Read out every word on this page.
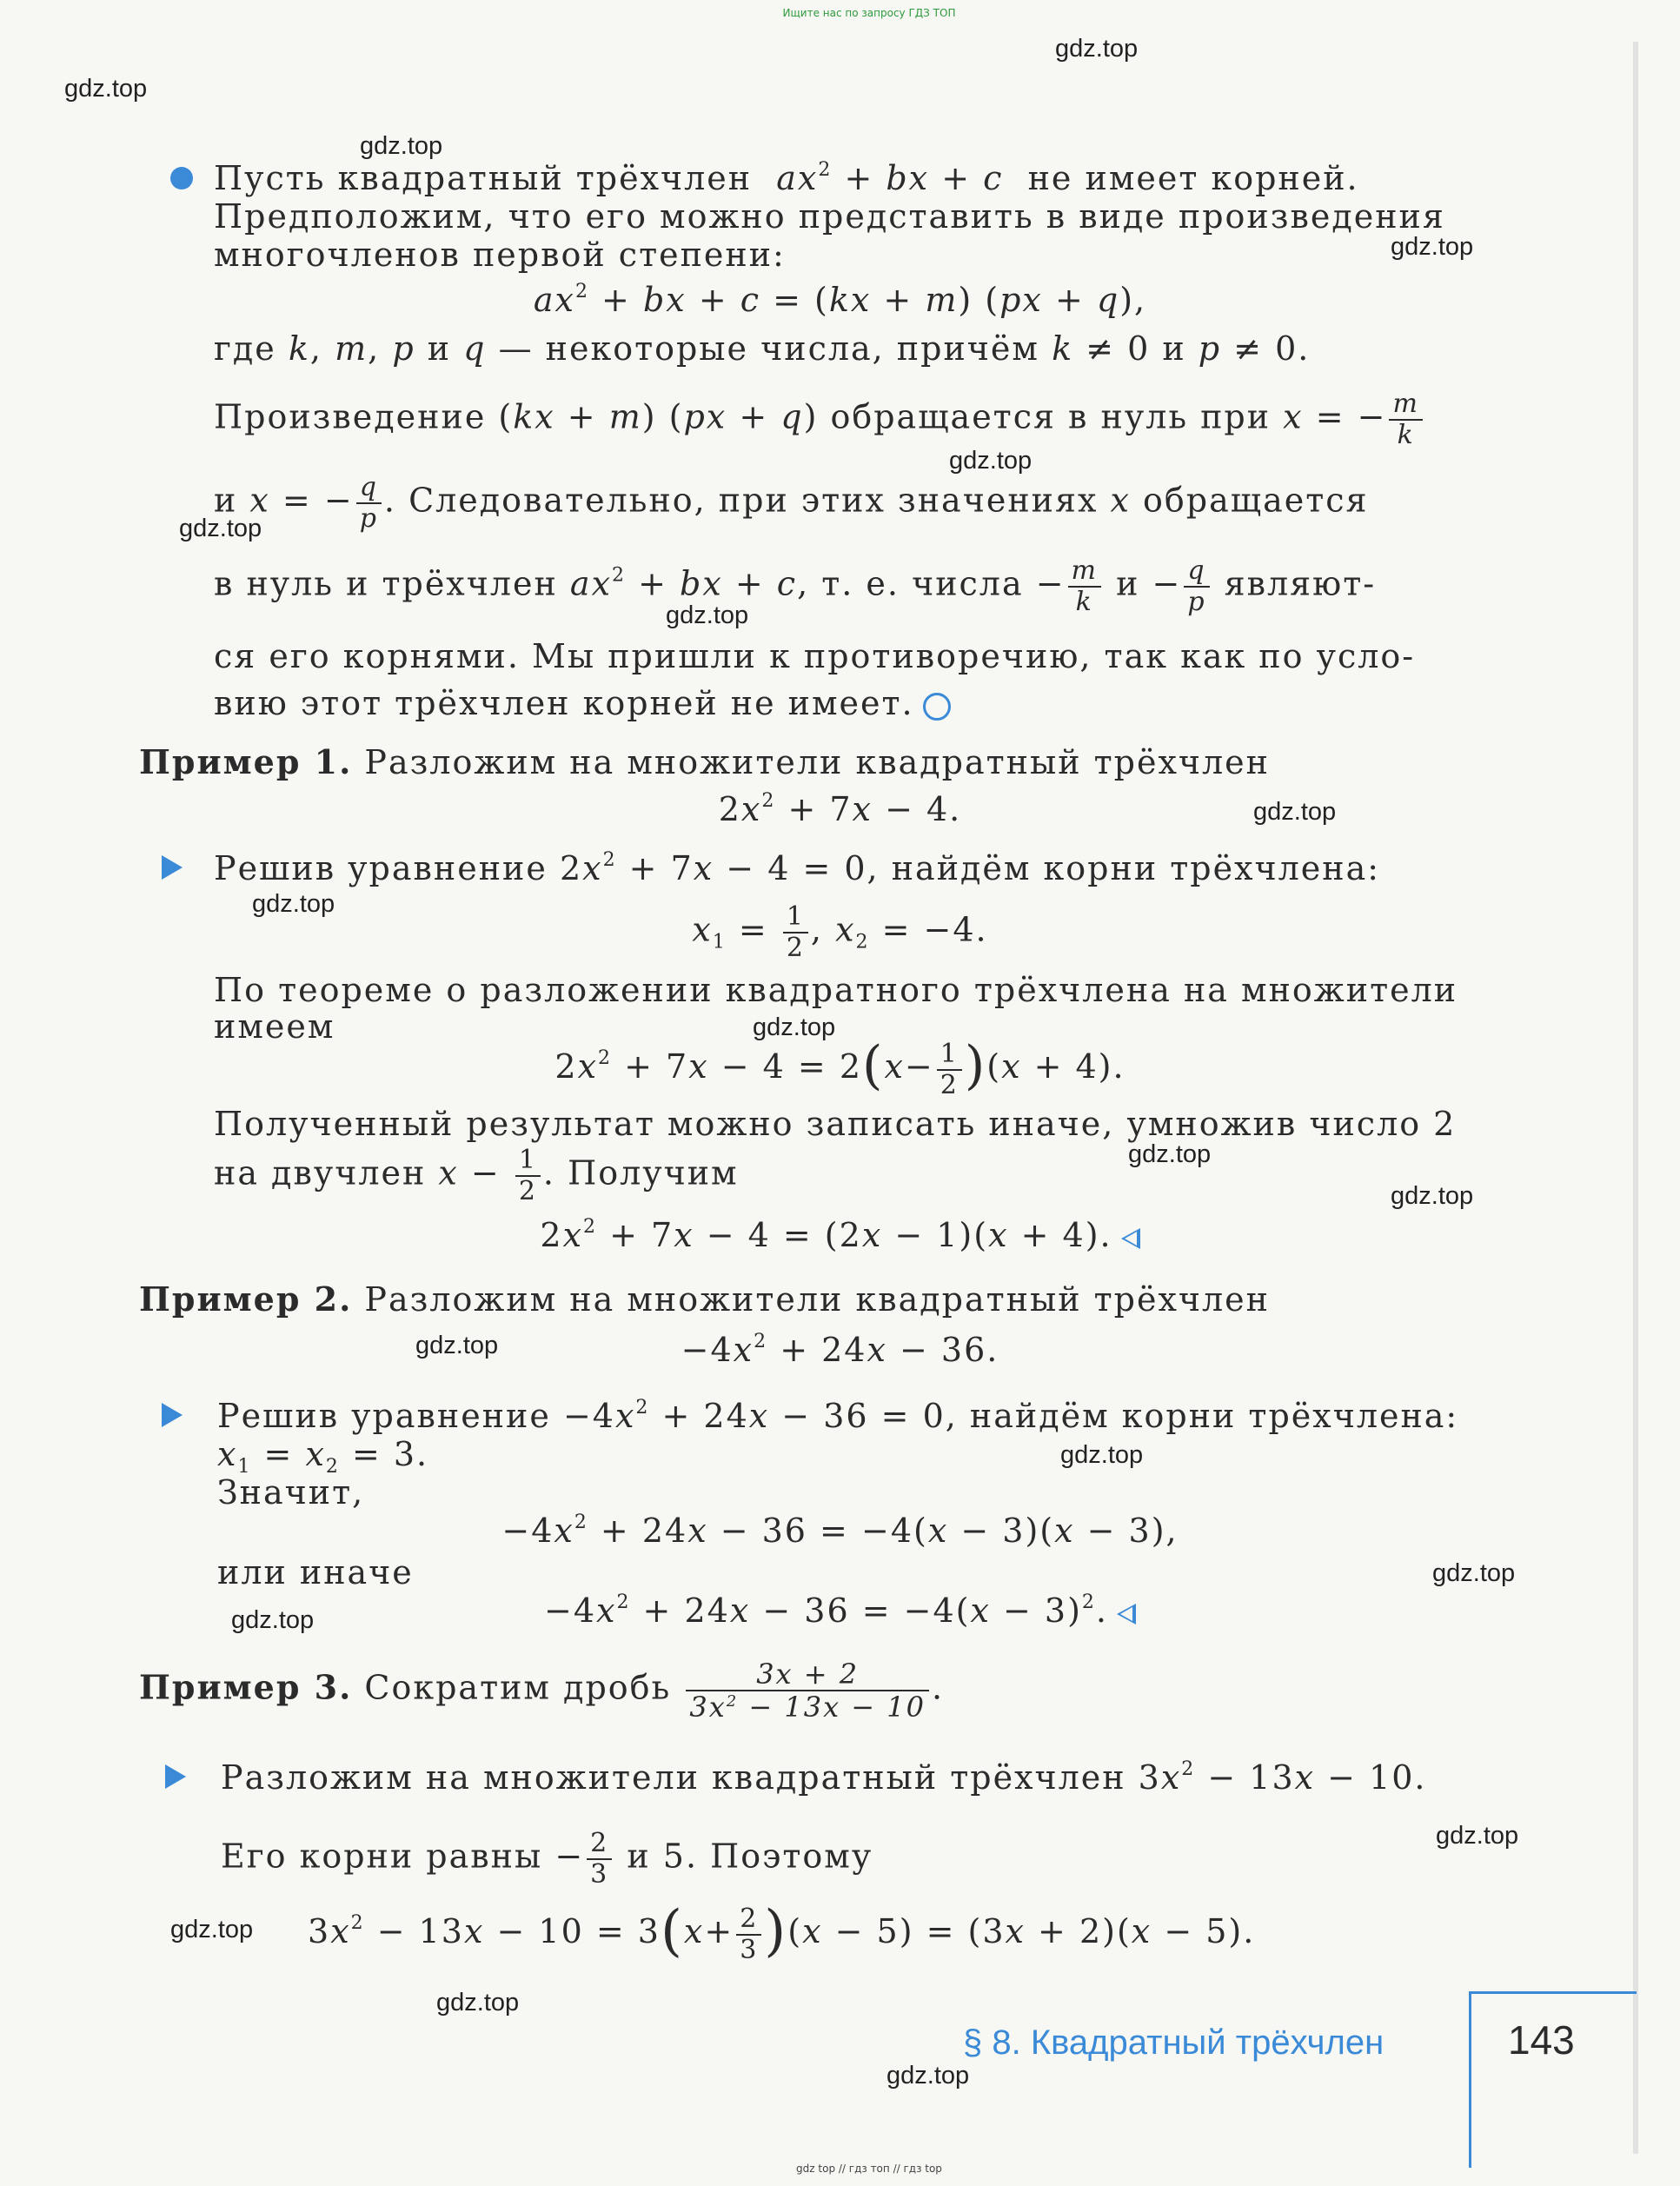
Ищите нас по запросу ГДЗ ТОП
gdz.top
gdz.top
gdz.top
gdz.top
gdz.top
gdz.top
gdz.top
gdz.top
gdz.top
gdz.top
gdz.top
gdz.top
gdz.top
gdz.top
gdz.top
gdz.top
gdz.top
gdz.top
gdz.top
gdz.top
Пусть квадратный трёхчлен $ax^2$ + bx + c не имеет корней.
Предположим, что его можно представить в виде произведения
многочленов первой степени:
$ax^2$ + bx + c = (kx + m) (px + q),
где k, m, p и q — некоторые числа, причём k ≠ 0 и p ≠ 0.
Произведение (kx + m) (px + q) обращается в нуль при x = − $\frac{m}{k}$
и x = − $\frac{q}{p}$ . Следовательно, при этих значениях x обращается
в нуль и трёхчлен $ax^2$ + bx + c, т. е. числа − $\frac{m}{k}$ $и - \frac{q}{p}$ являют-
ся его корнями. Мы пришли к противоречию, так как по усло-
вию этот трёхчлен корней не имеет.
Пример 1. Разложим на множители квадратный трёхчлен
$2x^2 + 7x - 4$.
Решив уравнение $2x^2 + 7x - 4 = 0$, найдём корни трёхчлена:
$x_1 = \frac{1}{2}$ , $x_2 = -4$.
По теореме о разложении квадратного трёхчлена на множители
имеем
$2x^2 + 7x - 4 = 2(x- \frac{1}{2} )(x + 4)$.
Полученный результат можно записать иначе, умножив число 2
на двучлен $x - \frac{1}{2}$ . Получим
$2x^2 + 7x - 4 = (2x - 1)(x + 4)$.
Пример 2. Разложим на множители квадратный трёхчлен
$-4x^2 + 24x - 36$.
Решив уравнение $-4x^2 + 24x - 36 = 0$, найдём корни трёхчлена:
$x_1 = x_2 = 3$.
Значит,
$-4x^2 + 24x - 36 = -4(x - 3)(x - 3)$,
или иначе
$-4x^2 + 24x - 36 = -4(x - 3)^2$.
Пример 3. Сократим дробь $\frac{3x + 2}{3x^2 - 13x - 10}$ .
Разложим на множители квадратный трёхчлен $3x^2 - 13x - 10$.
Его корни равны − $\frac{2}{3}$ и 5. Поэтому
$3x^2 - 13x - 10 = 3(x+ \frac{2}{3} )(x - 5) = (3x + 2)(x - 5)$.
§ 8. Квадратный трёхчлен	143
gdz top // гдз топ // гдз top
